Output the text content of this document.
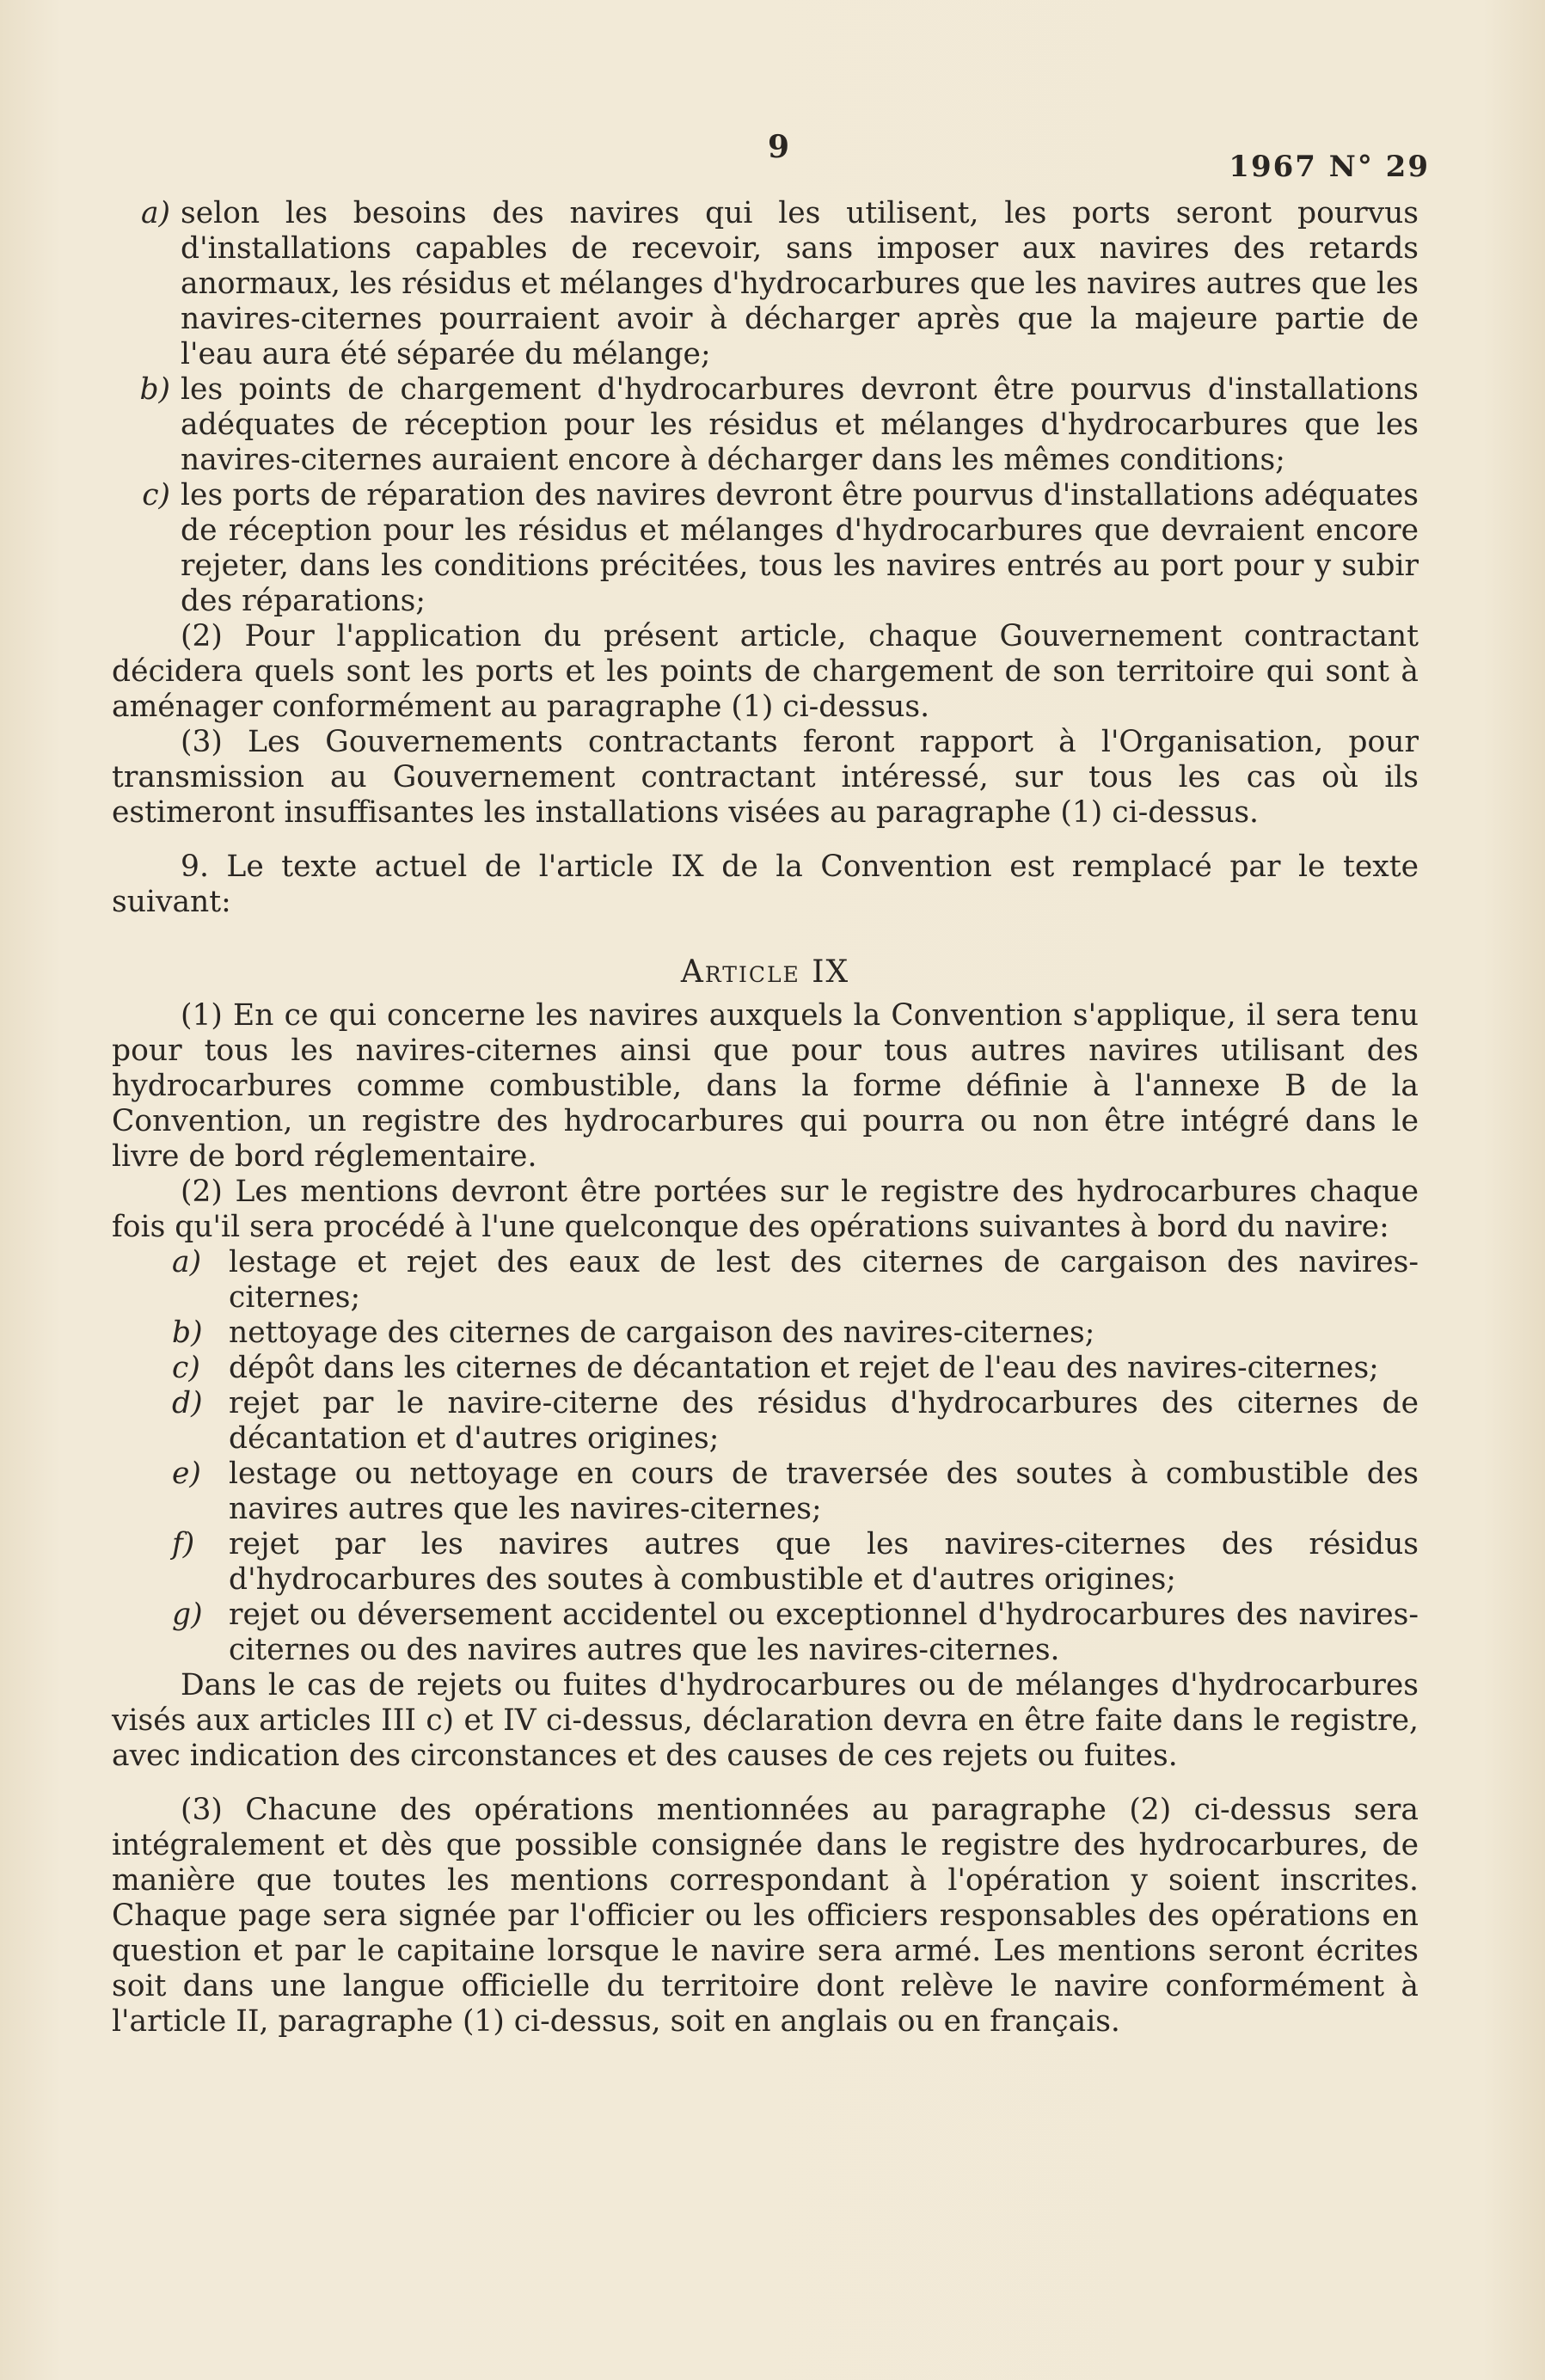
9
1967 N° 29
a) selon les besoins des navires qui les utilisent, les ports seront pourvus d'installations capables de recevoir, sans imposer aux navires des retards anormaux, les résidus et mélanges d'hydrocarbures que les navires autres que les navires-citernes pourraient avoir à décharger après que la majeure partie de l'eau aura été séparée du mélange;
b) les points de chargement d'hydrocarbures devront être pourvus d'installations adéquates de réception pour les résidus et mélanges d'hydrocarbures que les navires-citernes auraient encore à décharger dans les mêmes conditions;
c) les ports de réparation des navires devront être pourvus d'installations adéquates de réception pour les résidus et mélanges d'hydrocarbures que devraient encore rejeter, dans les conditions précitées, tous les navires entrés au port pour y subir des réparations;

(2) Pour l'application du présent article, chaque Gouvernement contractant décidera quels sont les ports et les points de chargement de son territoire qui sont à aménager conformément au paragraphe (1) ci-dessus.

(3) Les Gouvernements contractants feront rapport à l'Organisation, pour transmission au Gouvernement contractant intéressé, sur tous les cas où ils estimeront insuffisantes les installations visées au paragraphe (1) ci-dessus.

9. Le texte actuel de l'article IX de la Convention est remplacé par le texte suivant:

Article IX

(1) En ce qui concerne les navires auxquels la Convention s'applique, il sera tenu pour tous les navires-citernes ainsi que pour tous autres navires utilisant des hydrocarbures comme combustible, dans la forme définie à l'annexe B de la Convention, un registre des hydrocarbures qui pourra ou non être intégré dans le livre de bord réglementaire.

(2) Les mentions devront être portées sur le registre des hydrocarbures chaque fois qu'il sera procédé à l'une quelconque des opérations suivantes à bord du navire:

a) lestage et rejet des eaux de lest des citernes de cargaison des navires-citernes;
b) nettoyage des citernes de cargaison des navires-citernes;
c) dépôt dans les citernes de décantation et rejet de l'eau des navires-citernes;
d) rejet par le navire-citerne des résidus d'hydrocarbures des citernes de décantation et d'autres origines;
e) lestage ou nettoyage en cours de traversée des soutes à combustible des navires autres que les navires-citernes;
f)	rejet par les navires autres que les navires-citernes des résidus d'hydrocarbures des soutes à combustible et d'autres origines;
g) rejet ou déversement accidentel ou exceptionnel d'hydrocarbures des navires-citernes ou des navires autres que les navires-citernes.

Dans le cas de rejets ou fuites d'hydrocarbures ou de mélanges d'hydrocarbures visés aux articles III c) et IV ci-dessus, déclaration devra en être faite dans le registre, avec indication des circonstances et des causes de ces rejets ou fuites.

(3) Chacune des opérations mentionnées au paragraphe (2) ci-dessus sera intégralement et dès que possible consignée dans le registre des hydrocarbures, de manière que toutes les mentions correspondant à l'opération y soient inscrites. Chaque page sera signée par l'officier ou les officiers responsables des opérations en question et par le capitaine lorsque le navire sera armé. Les mentions seront écrites soit dans une langue officielle du territoire dont relève le navire conformément à l'article II, paragraphe (1) ci-dessus, soit en anglais ou en français.
